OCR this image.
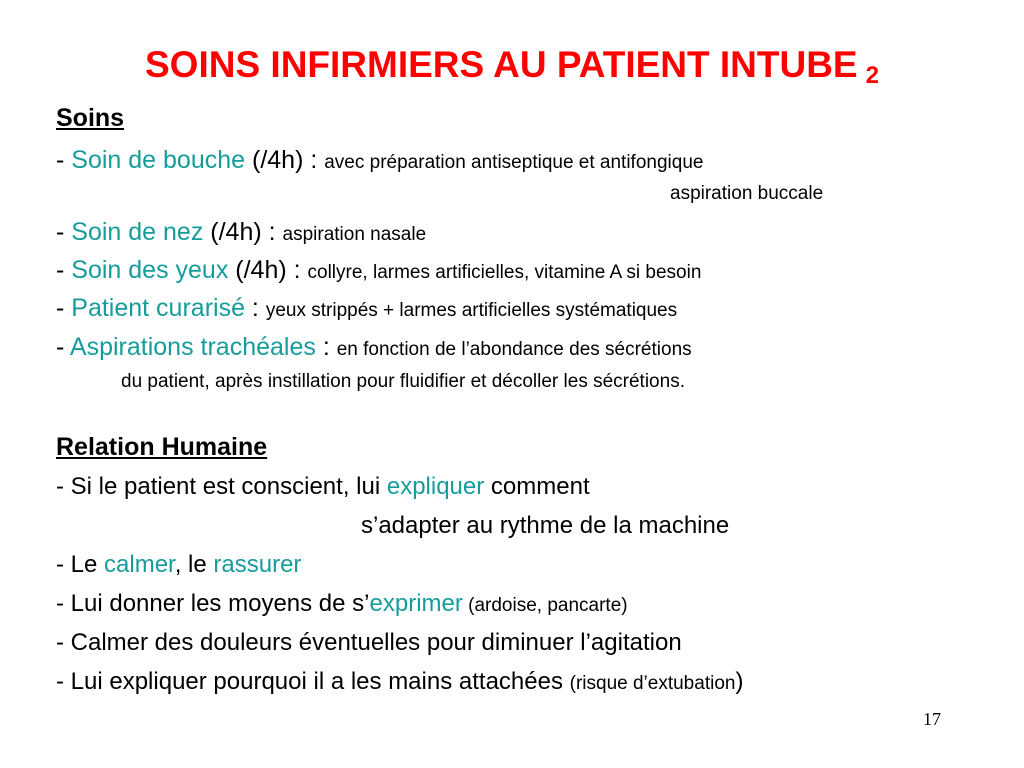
SOINS INFIRMIERS AU PATIENT INTUBE 2
Soins
- Soin de bouche (/4h) : avec préparation antiseptique et antifongique
aspiration buccale
- Soin de nez (/4h) : aspiration nasale
- Soin des yeux (/4h) : collyre, larmes artificielles, vitamine A si besoin
- Patient curarisé : yeux strippés + larmes artificielles systématiques
- Aspirations trachéales : en fonction de l’abondance des sécrétions
du patient, après instillation pour fluidifier et décoller les sécrétions.
Relation Humaine
- Si le patient est conscient, lui expliquer comment
s’adapter au rythme de la machine
- Le calmer, le rassurer
- Lui donner les moyens de s’exprimer (ardoise, pancarte)
- Calmer des douleurs éventuelles pour diminuer l’agitation
- Lui expliquer pourquoi il a les mains attachées (risque d’extubation)
17
